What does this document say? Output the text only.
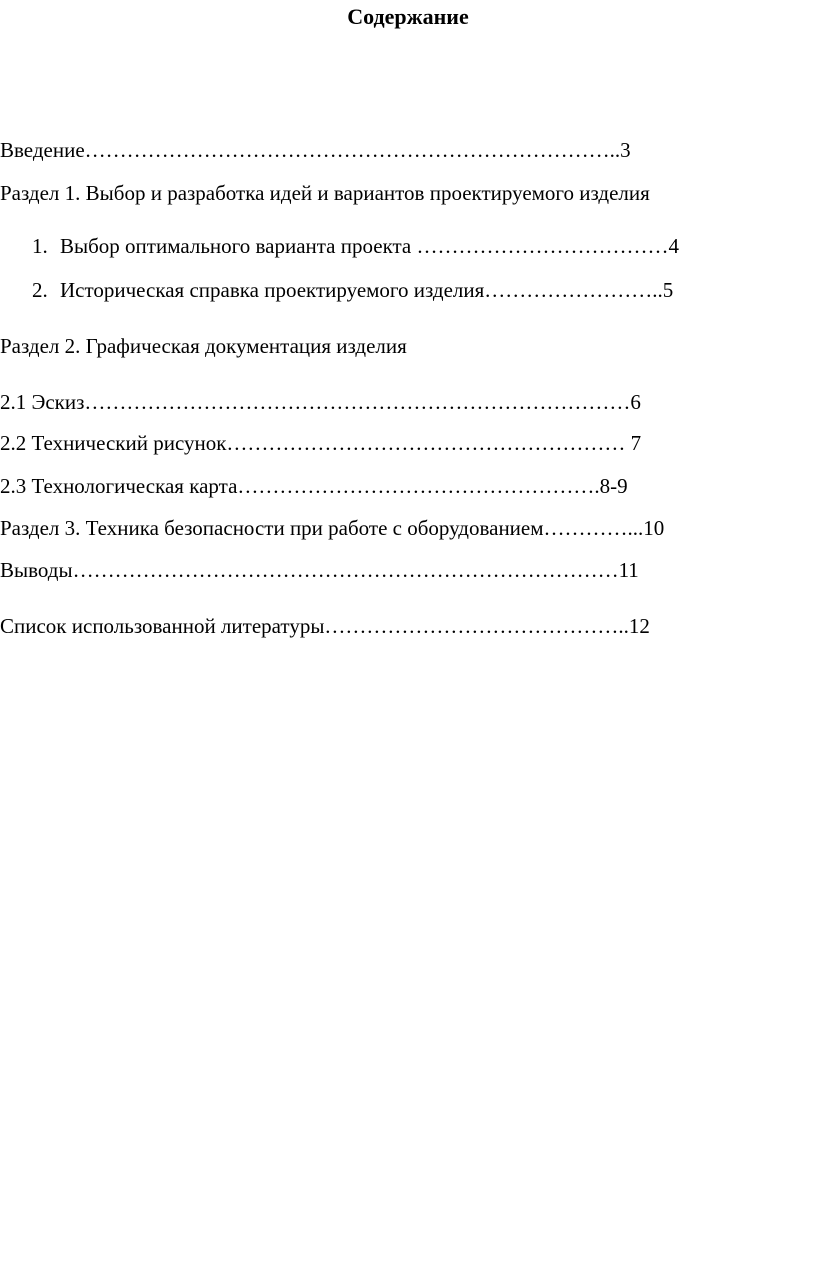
Содержание
Введение…………………………………………………………………..3
Раздел 1. Выбор и разработка идей и вариантов проектируемого изделия
1. Выбор оптимального варианта проекта ………………………………4
2. Историческая справка проектируемого изделия……………………..5
Раздел 2. Графическая документация изделия
2.1 Эскиз……………………………………………………………………6
2.2 Технический рисунок………………………………………………… 7
2.3 Технологическая карта…………………………………………….8-9
Раздел 3. Техника безопасности при работе с оборудованием…………...10
Выводы……………………………………………………………………11
Список использованной литературы……………………………………..12
